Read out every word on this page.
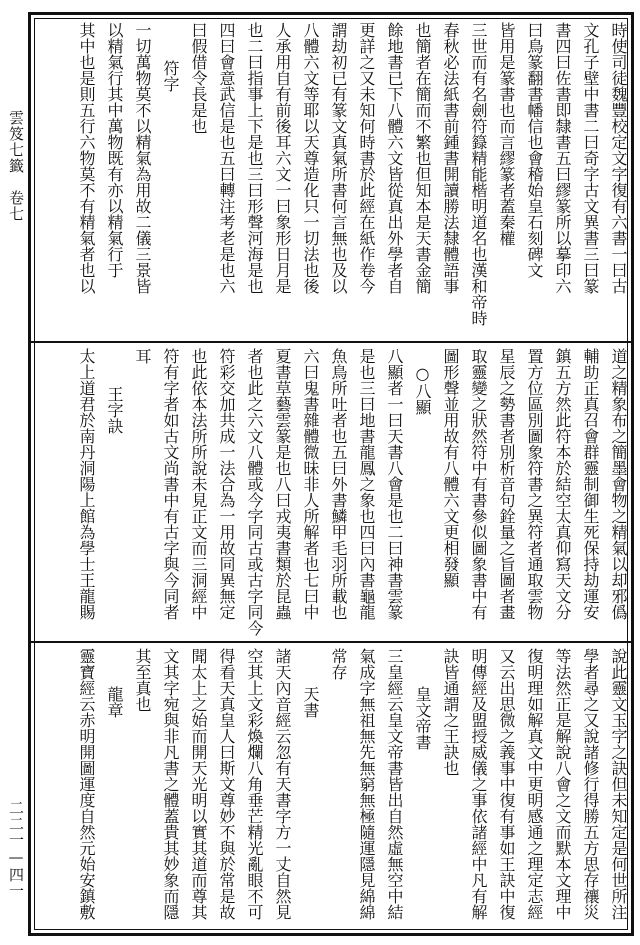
雲笈七籤　卷七
二二一—四一
時使司徒魏豐校定文字復有六書一曰古
文孔子壁中書二曰奇字古文異書三曰篆
書四曰佐書即隸書五曰繆篆所以摹印六
曰鳥篆翻書幡信也會稽始皇石刻碑文
皆用是篆書也而言繆篆者蓋秦權
三世而有名劍符籙精能楷明道名也漢和帝時
春秋必法紙書前鍾書開讀勝法隸體語事
也簡者在簡而不繁也但知本是天書金簡
餘地書已下八體六文皆從真出外學者自
更詳之又未知何時書於此經在紙作卷今
謂劫初已有篆文真氣所書何言無也及以
八體六文等耶以天尊造化只一切法也後
人承用自有前後耳六文一曰象形日月是
也二曰指事上下是也三曰形聲河海是也
四曰會意武信是也五曰轉注考老是也六
曰假借令長是也
符字
一切萬物莫不以精氣為用故二儀三景皆
以精氣行其中萬物既有亦以精氣行于
其中也是則五行六物莫不有精氣者也以
道之精象布之簡墨會物之精氣以却邪僞
輔助正真召會群靈制御生死保持劫運安
鎮五方然此符本於結空太真仰寫天文分
置方位區別圖象符書之異符者通取雲物
星辰之勢書者別析音句銓量之旨圖者畫
取靈變之狀然符中有書參似圖象書中有
圖形聲並用故有八體六文更相發顯
○八顯
八顯者一曰天書八會是也二曰神書雲篆
是也三曰地書龍鳳之象也四曰內書龜龍
魚鳥所吐者也五曰外書鱗甲毛羽所載也
六曰鬼書雜體微昧非人所解者也七曰中
夏書草藝雲篆是也八曰戎夷書類於昆蟲
者也此之六文八體或今字同古或古字同今
符彩交加共成一法合為一用故同異無定
也此依本法所所說未見正文而三洞經中
符有字者如古文尚書中有古字與今同者
耳
王字訣
太上道君於南丹洞陽上館為學士王龍賜
說此靈文玉字之訣但未知定是何世所注
學者尋之又說諸修行得勝五方思存禳災
等法然正是解說八會之文而默本文理中
復明理如解真文中更明感通之理定志經
又云出思微之義事中復有事如王訣中復
明傳經及盟授威儀之事依諸經中凡有解
訣皆通謂之王訣也
皇文帝書
三皇經云皇文帝書皆出自然虛無空中結
氣成字無祖無先無窮無極隨運隱見綿綿
常存
天書
諸天內音經云忽有天書字方一丈自然見
空其上文彩煥爛八角垂芒精光亂眼不可
得看天真皇人曰斯文尊妙不與於常是故
聞太上之始而開天光明以實其道而尊其
文其字宛與非凡書之體蓋貴其妙象而隱
其至真也
龍章
靈寶經云赤明開圖運度自然元始安鎮敷
